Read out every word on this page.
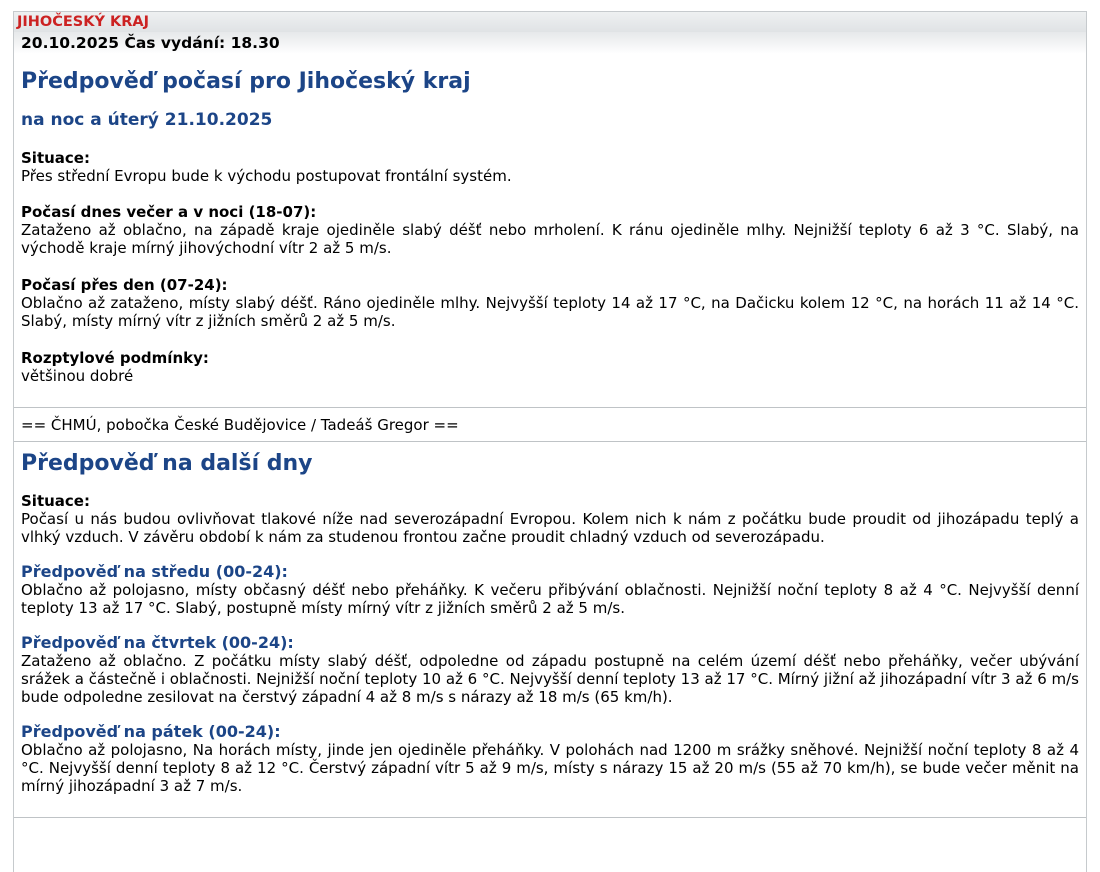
JIHOČESKÝ KRAJ
20.10.2025 Čas vydání: 18.30
Předpověď počasí pro Jihočeský kraj
na noc a úterý 21.10.2025

Situace:

Přes střední Evropu bude k východu postupovat frontální systém.

Počasí dnes večer a v noci (18-07):

Zataženo až oblačno, na západě kraje ojediněle slabý déšť nebo mrholení. K ránu ojediněle mlhy. Nejnižší teploty 6 až 3 °C. Slabý, na východě kraje mírný jihovýchodní vítr 2 až 5 m/s.

Počasí přes den (07-24):

Oblačno až zataženo, místy slabý déšť. Ráno ojediněle mlhy. Nejvyšší teploty 14 až 17 °C, na Dačicku kolem 12 °C, na horách 11 až 14 °C. Slabý, místy mírný vítr z jižních směrů 2 až 5 m/s.

Rozptylové podmínky:

většinou dobré

== ČHMÚ, pobočka České Budějovice / Tadeáš Gregor ==
Předpověď na další dny

Situace:

Počasí u nás budou ovlivňovat tlakové níže nad severozápadní Evropou. Kolem nich k nám z počátku bude proudit od jihozápadu teplý a vlhký vzduch. V závěru období k nám za studenou frontou začne proudit chladný vzduch od severozápadu.

Předpověď na středu (00-24):

Oblačno až polojasno, místy občasný déšť nebo přeháňky. K večeru přibývání oblačnosti. Nejnižší noční teploty 8 až 4 °C. Nejvyšší denní teploty 13 až 17 °C. Slabý, postupně místy mírný vítr z jižních směrů 2 až 5 m/s.

Předpověď na čtvrtek (00-24):

Zataženo až oblačno. Z počátku místy slabý déšť, odpoledne od západu postupně na celém území déšť nebo přeháňky, večer ubývání srážek a částečně i oblačnosti. Nejnižší noční teploty 10 až 6 °C. Nejvyšší denní teploty 13 až 17 °C. Mírný jižní až jihozápadní vítr 3 až 6 m/s bude odpoledne zesilovat na čerstvý západní 4 až 8 m/s s nárazy až 18 m/s (65 km/h).

Předpověď na pátek (00-24):

Oblačno až polojasno, Na horách místy, jinde jen ojediněle přeháňky. V polohách nad 1200 m srážky sněhové. Nejnižší noční teploty 8 až 4 °C. Nejvyšší denní teploty 8 až 12 °C. Čerstvý západní vítr 5 až 9 m/s, místy s nárazy 15 až 20 m/s (55 až 70 km/h), se bude večer měnit na mírný jihozápadní 3 až 7 m/s.
